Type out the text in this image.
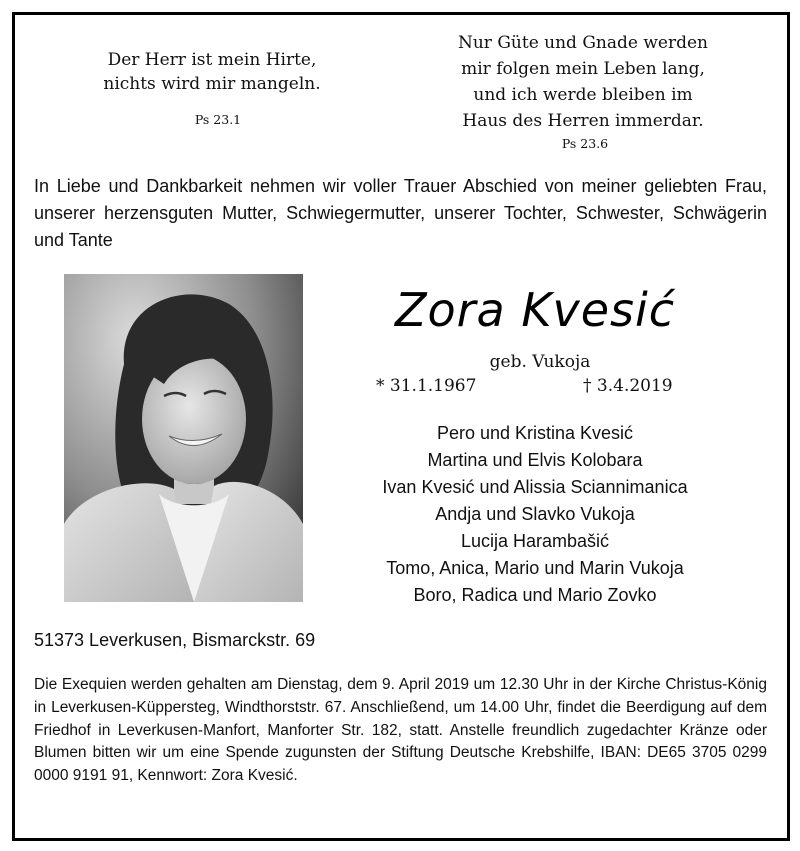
Der Herr ist mein Hirte,
nichts wird mir mangeln.
Ps 23.1
Nur Güte und Gnade werden
mir folgen mein Leben lang,
und ich werde bleiben im
Haus des Herren immerdar.
Ps 23.6

In Liebe und Dankbarkeit nehmen wir voller Trauer Abschied von meiner geliebten Frau, unserer herzensguten Mutter, Schwiegermutter, unserer Tochter, Schwester, Schwägerin und Tante

Zora Kvesić
geb. Vukoja
* 31.1.1967	† 3.4.2019
Pero und Kristina Kvesić
Martina und Elvis Kolobara
Ivan Kvesić und Alissia Sciannimanica
Andja und Slavko Vukoja
Lucija Harambašić
Tomo, Anica, Mario und Marin Vukoja
Boro, Radica und Mario Zovko
51373 Leverkusen, Bismarckstr. 69
Die Exequien werden gehalten am Dienstag, dem 9. April 2019 um 12.30 Uhr in der Kirche Christus-König in Leverkusen-Küppersteg, Windthorststr. 67. Anschließend, um 14.00 Uhr, findet die Beerdigung auf dem Friedhof in Leverkusen-Manfort, Manforter Str. 182, statt. Anstelle freundlich zugedachter Kränze oder Blumen bitten wir um eine Spende zugunsten der Stiftung Deutsche Krebshilfe, IBAN: DE65 3705 0299 0000 9191 91, Kennwort: Zora Kvesić.
